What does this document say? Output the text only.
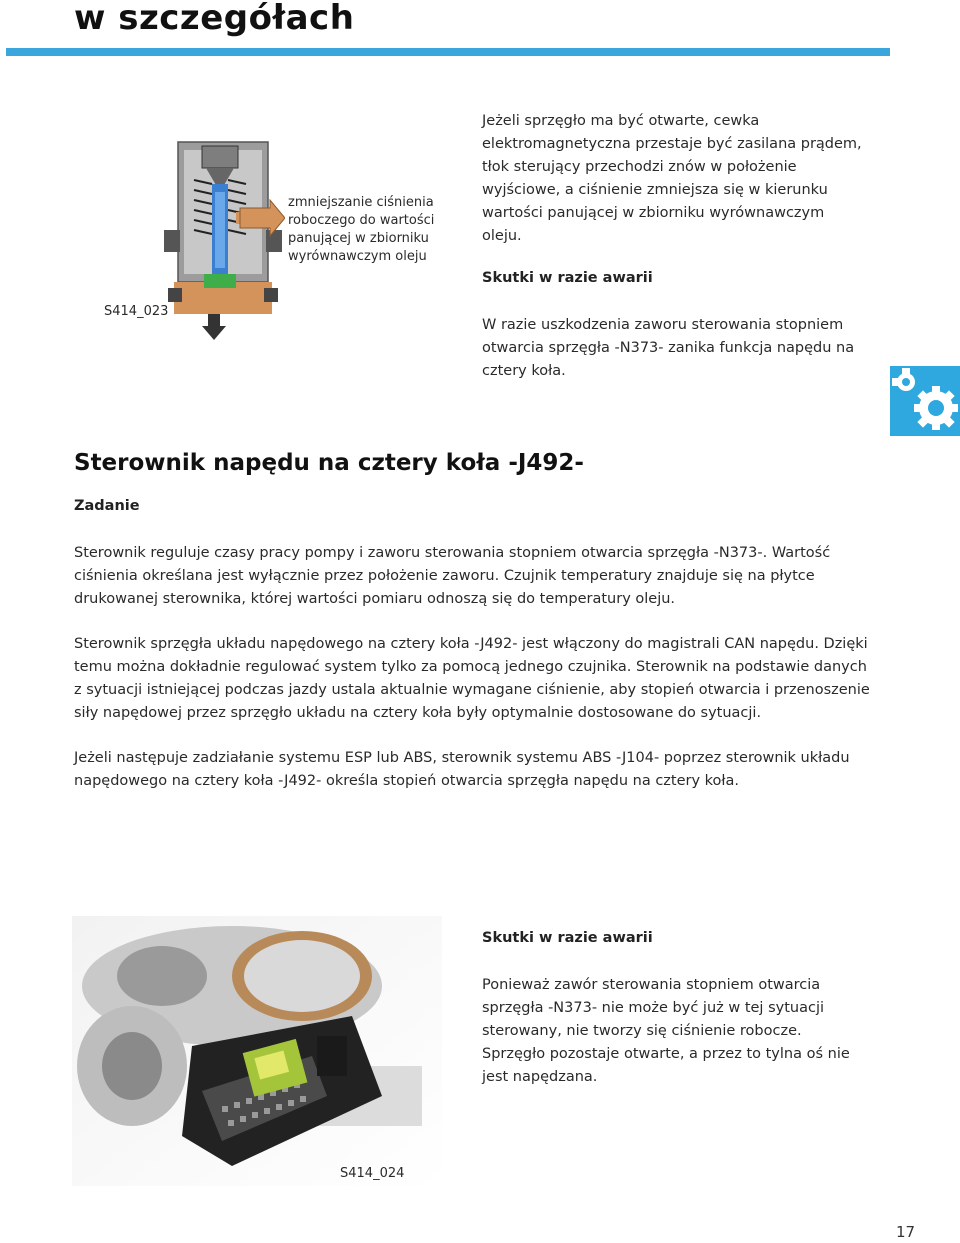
w szczegółach
zmniejszanie ciśnienia roboczego do wartości panującej w zbiorniku wyrównawczym oleju
S414_023
Jeżeli sprzęgło ma być otwarte, cewka elektromagnetyczna przestaje być zasilana prądem, tłok sterujący przechodzi znów w położenie wyjściowe, a ciśnienie zmniejsza się w kierunku wartości panującej w zbiorniku wyrównawczym oleju.
Skutki w razie awarii
W razie uszkodzenia zaworu sterowania stopniem otwarcia sprzęgła -N373- zanika funkcja napędu na cztery koła.
Sterownik napędu na cztery koła -J492-
Zadanie
Sterownik reguluje czasy pracy pompy i zaworu sterowania stopniem otwarcia sprzęgła -N373-. Wartość ciśnienia określana jest wyłącznie przez położenie zaworu. Czujnik temperatury znajduje się na płytce drukowanej sterownika, której wartości pomiaru odnoszą się do temperatury oleju.
Sterownik sprzęgła układu napędowego na cztery koła -J492- jest włączony do magistrali CAN napędu. Dzięki temu można dokładnie regulować system tylko za pomocą jednego czujnika. Sterownik na podstawie danych z sytuacji istniejącej podczas jazdy ustala aktualnie wymagane ciśnienie, aby stopień otwarcia i przenoszenie siły napędowej przez sprzęgło układu na cztery koła były optymalnie dostosowane do sytuacji.
Jeżeli następuje zadziałanie systemu ESP lub ABS, sterownik systemu ABS -J104- poprzez sterownik układu napędowego na cztery koła -J492- określa stopień otwarcia sprzęgła napędu na cztery koła.
S414_024
Skutki w razie awarii
Ponieważ zawór sterowania stopniem otwarcia sprzęgła -N373- nie może być już w tej sytuacji sterowany, nie tworzy się ciśnienie robocze. Sprzęgło pozostaje otwarte, a przez to tylna oś nie jest napędzana.
17
